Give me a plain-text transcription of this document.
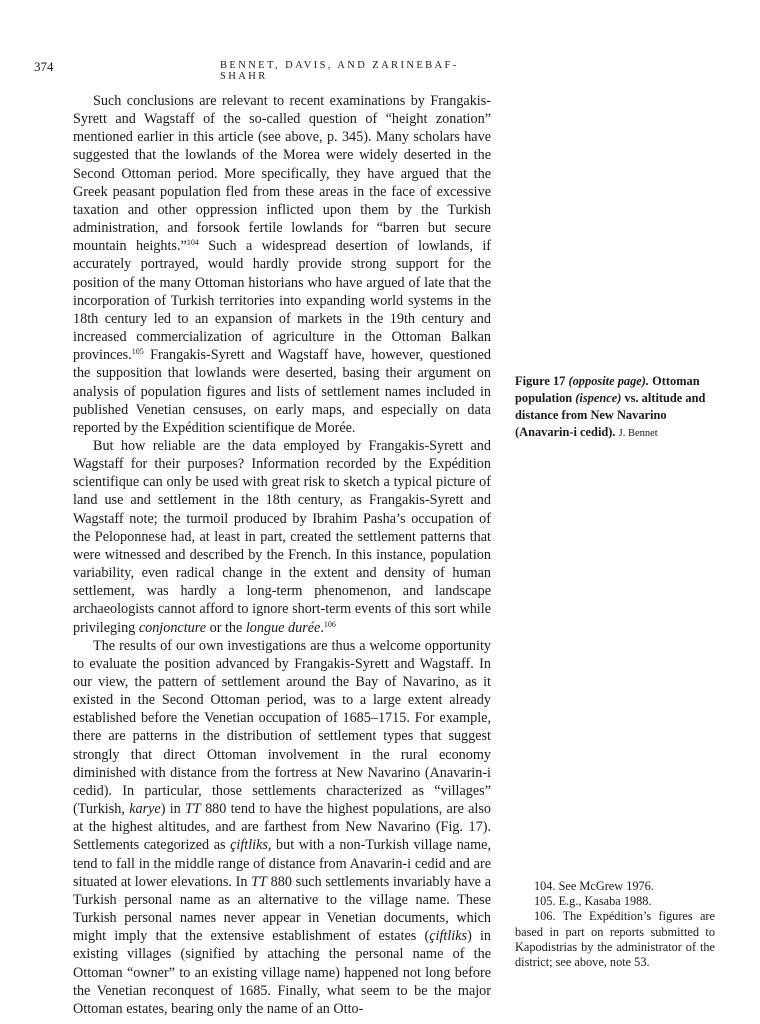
374	BENNET, DAVIS, AND ZARINEBAF-SHAHR

Such conclusions are relevant to recent examinations by Frangakis-Syrett and Wagstaff of the so-called question of “height zonation” mentioned earlier in this article (see above, p. 345). Many scholars have suggested that the lowlands of the Morea were widely deserted in the Second Ottoman period. More specifically, they have argued that the Greek peasant population fled from these areas in the face of excessive taxation and other oppression inflicted upon them by the Turkish administration, and forsook fertile lowlands for “barren but secure mountain heights.”$^{104}$ Such a widespread desertion of lowlands, if accurately portrayed, would hardly provide strong support for the position of the many Ottoman historians who have argued of late that the incorporation of Turkish territories into expanding world systems in the 18th century led to an expansion of markets in the 19th century and increased commercialization of agriculture in the Ottoman Balkan provinces.$^{105}$ Frangakis-Syrett and Wagstaff have, however, questioned the supposition that lowlands were deserted, basing their argument on analysis of population figures and lists of settlement names included in published Venetian censuses, on early maps, and especially on data reported by the Expédition scientifique de Morée.

But how reliable are the data employed by Frangakis-Syrett and Wagstaff for their purposes? Information recorded by the Expédition scientifique can only be used with great risk to sketch a typical picture of land use and settlement in the 18th century, as Frangakis-Syrett and Wagstaff note; the turmoil produced by Ibrahim Pasha’s occupation of the Peloponnese had, at least in part, created the settlement patterns that were witnessed and described by the French. In this instance, population variability, even radical change in the extent and density of human settlement, was hardly a long-term phenomenon, and landscape archaeologists cannot afford to ignore short-term events of this sort while privileging conjoncture or the longue durée.$^{106}$

The results of our own investigations are thus a welcome opportunity to evaluate the position advanced by Frangakis-Syrett and Wagstaff. In our view, the pattern of settlement around the Bay of Navarino, as it existed in the Second Ottoman period, was to a large extent already established before the Venetian occupation of 1685–1715. For example, there are patterns in the distribution of settlement types that suggest strongly that direct Ottoman involvement in the rural economy diminished with distance from the fortress at New Navarino (Anavarin-i cedid). In particular, those settlements characterized as “villages” (Turkish, karye) in TT 880 tend to have the highest populations, are also at the highest altitudes, and are farthest from New Navarino (Fig. 17). Settlements categorized as çiftliks, but with a non-Turkish village name, tend to fall in the middle range of distance from Anavarin-i cedid and are situated at lower elevations. In TT 880 such settlements invariably have a Turkish personal name as an alternative to the village name. These Turkish personal names never appear in Venetian documents, which might imply that the extensive establishment of estates (çiftliks) in existing villages (signified by attaching the personal name of the Ottoman “owner” to an existing village name) happened not long before the Venetian reconquest of 1685. Finally, what seem to be the major Ottoman estates, bearing only the name of an Otto-

Figure 17 (opposite page). Ottoman population (ispence) vs. altitude and distance from New Navarino (Anavarin-i cedid). J. Bennet
104. See McGrew 1976.
105. E.g., Kasaba 1988.
106. The Expédition’s figures are based in part on reports submitted to Kapodistrias by the administrator of the district; see above, note 53.
